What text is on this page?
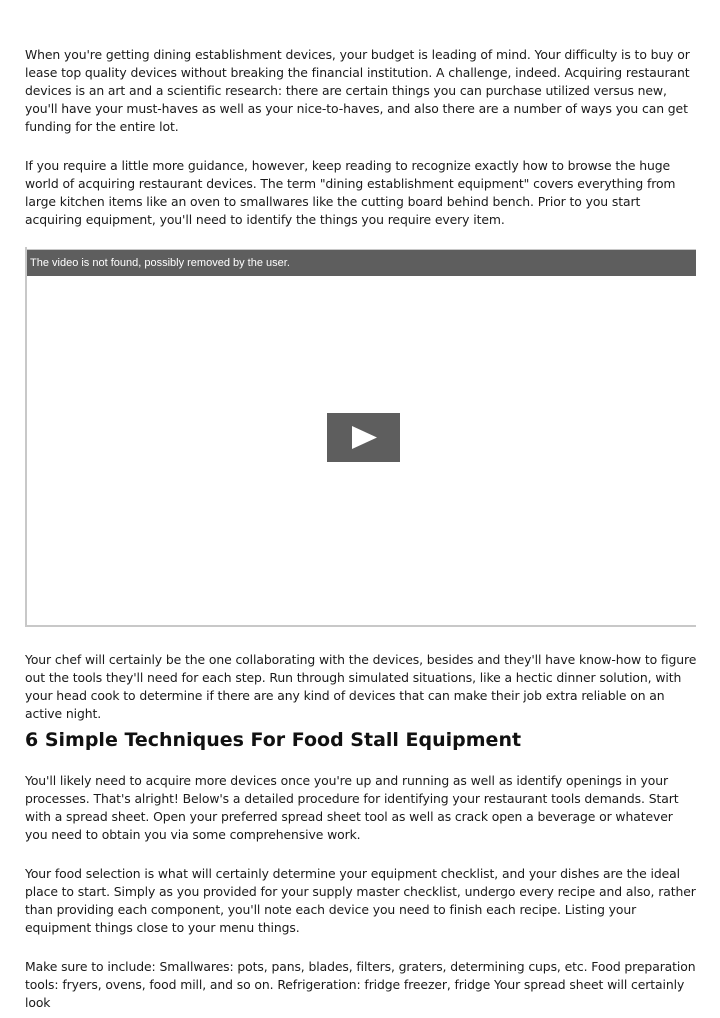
When you're getting dining establishment devices, your budget is leading of mind. Your difficulty is to buy or lease top quality devices without breaking the financial institution. A challenge, indeed. Acquiring restaurant devices is an art and a scientific research: there are certain things you can purchase utilized versus new, you'll have your must-haves as well as your nice-to-haves, and also there are a number of ways you can get funding for the entire lot.

If you require a little more guidance, however, keep reading to recognize exactly how to browse the huge world of acquiring restaurant devices. The term "dining establishment equipment" covers everything from large kitchen items like an oven to smallwares like the cutting board behind bench. Prior to you start acquiring equipment, you'll need to identify the things you require every item.

The video is not found, possibly removed by the user.

Your chef will certainly be the one collaborating with the devices, besides and they'll have know-how to figure out the tools they'll need for each step. Run through simulated situations, like a hectic dinner solution, with your head cook to determine if there are any kind of devices that can make their job extra reliable on an active night.

6 Simple Techniques For Food Stall Equipment

You'll likely need to acquire more devices once you're up and running as well as identify openings in your processes. That's alright! Below's a detailed procedure for identifying your restaurant tools demands. Start with a spread sheet. Open your preferred spread sheet tool as well as crack open a beverage or whatever you need to obtain you via some comprehensive work.

Your food selection is what will certainly determine your equipment checklist, and your dishes are the ideal place to start. Simply as you provided for your supply master checklist, undergo every recipe and also, rather than providing each component, you'll note each device you need to finish each recipe. Listing your equipment things close to your menu things.

Make sure to include: Smallwares: pots, pans, blades, filters, graters, determining cups, etc. Food preparation tools: fryers, ovens, food mill, and so on. Refrigeration: fridge freezer, fridge Your spread sheet will certainly look
